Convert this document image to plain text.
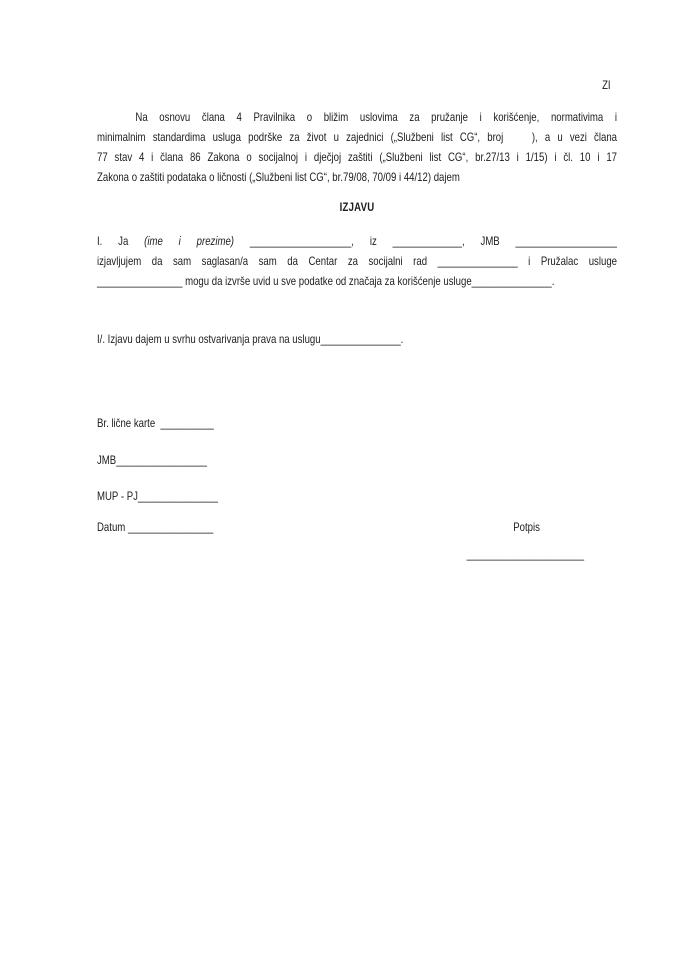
ZI
Na osnovu člana 4 Pravilnika o bližim uslovima za pružanje i korišćenje, normativima i
minimalnim standardima usluga podrške za život u zajednici („Službeni list CG“, broj    ), a u vezi člana
77 stav 4 i člana 86 Zakona o socijalnoj i dječjoj zaštiti („Službeni list CG“, br.27/13 i 1/15) i čl. 10 i 17
Zakona o zaštiti podataka o ličnosti („Službeni list CG“, br.79/08, 70/09 i 44/12) dajem
IZJAVU
I. Ja (ime i prezime) ___________________, iz _____________, JMB ___________________
izjavljujem da sam saglasan/a sam da Centar za socijalni rad _______________ i Pružalac usluge
________________ mogu da izvrše uvid u sve podatke od značaja za korišćenje usluge_______________.
I/. Izjavu dajem u svrhu ostvarivanja prava na uslugu_______________.
Br. lične karte  __________
JMB_________________
MUP - PJ_______________
Datum ________________	Potpis
______________________
